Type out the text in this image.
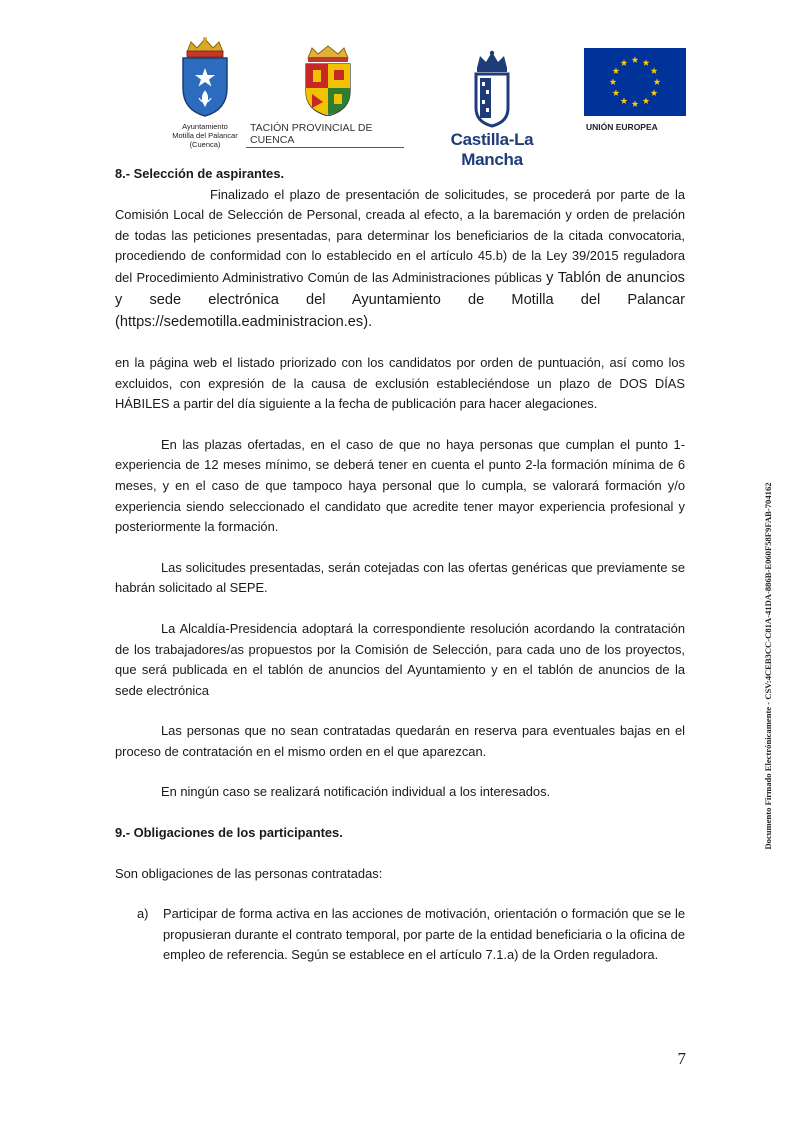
Ayuntamiento
Motilla del Palancar
(Cuenca)
TACIÓN PROVINCIAL DE CUENCA	Castilla-La Mancha
UNIÓN EUROPEA

8.- Selección de aspirantes.

Finalizado el plazo de presentación de solicitudes, se procederá por parte de la Comisión Local de Selección de Personal, creada al efecto, a la baremación y orden de prelación de todas las peticiones presentadas, para determinar los beneficiarios de la citada convocatoria, procediendo de conformidad con lo establecido en el artículo 45.b) de la Ley 39/2015 reguladora del Procedimiento Administrativo Común de las Administraciones públicas y Tablón de anuncios y sede electrónica del Ayuntamiento de Motilla del Palancar (https://sedemotilla.eadministracion.es).

en la página web el listado priorizado con los candidatos por orden de puntuación, así como los excluidos, con expresión de la causa de exclusión estableciéndose un plazo de DOS DÍAS HÁBILES a partir del día siguiente a la fecha de publicación para hacer alegaciones.

En las plazas ofertadas, en el caso de que no haya personas que cumplan el punto 1-experiencia de 12 meses mínimo, se deberá tener en cuenta el punto 2-la formación mínima de 6 meses, y en el caso de que tampoco haya personal que lo cumpla, se valorará formación y/o experiencia siendo seleccionado el candidato que acredite tener mayor experiencia profesional y posteriormente la formación.

Las solicitudes presentadas, serán cotejadas con las ofertas genéricas que previamente se habrán solicitado al SEPE.

La Alcaldía-Presidencia adoptará la correspondiente resolución acordando la contratación de los trabajadores/as propuestos por la Comisión de Selección, para cada uno de los proyectos, que será publicada en el tablón de anuncios del Ayuntamiento y en el tablón de anuncios de la sede electrónica

Las personas que no sean contratadas quedarán en reserva para eventuales bajas en el proceso de contratación en el mismo orden en el que aparezcan.

En ningún caso se realizará notificación individual a los interesados.

9.- Obligaciones de los participantes.

Son obligaciones de las personas contratadas:

a) Participar de forma activa en las acciones de motivación, orientación o formación que se le propusieran durante el contrato temporal, por parte de la entidad beneficiaria o la oficina de empleo de referencia. Según se establece en el artículo 7.1.a) de la Orden reguladora.

7
Documento Firmado Electrónicamente - CSV:4CEB3CC-C81A-41DA-886B-E060F58F9FAB-704162
